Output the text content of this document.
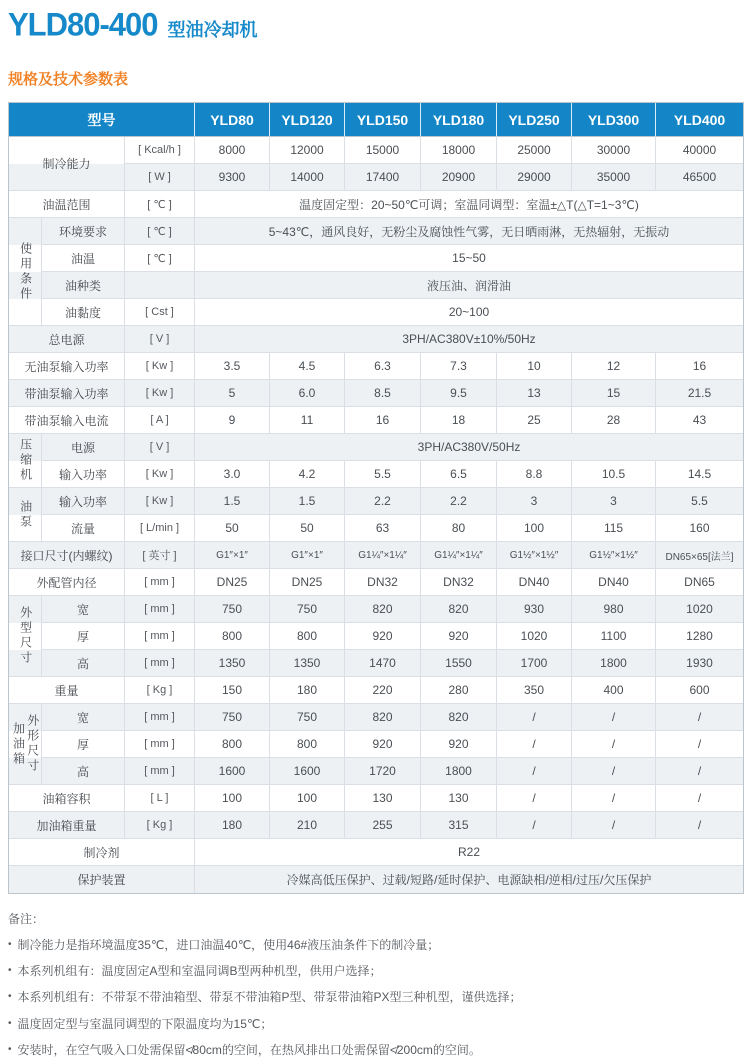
YLD80-400 型油冷却机
规格及技术参数表
型号			YLD80	YLD120	YLD150	YLD180	YLD250	YLD300	YLD400
制冷能力		[ Kcal/h ]	8000	12000	15000	18000	25000	30000	40000
		[ W ]	9300	14000	17400	20900	29000	35000	46500
油温范围		[ ℃ ]	温度固定型：20~50℃可调；室温同调型：室温±△T(△T=1~3℃)						

使用条件	环境要求	[ ℃ ]	5~43℃，通风良好，无粉尘及腐蚀性气雾，无日晒雨淋，无热辐射，无振动						
	油温	[ ℃ ]	15~50						
	油种类		液压油、润滑油						
	油黏度	[ Cst ]	20~100						
总电源		[ V ]	3PH/AC380V±10%/50Hz						
无油泵输入功率		[ Kw ]	3.5	4.5	6.3	7.3	10	12	16
带油泵输入功率		[ Kw ]	5	6.0	8.5	9.5	13	15	21.5
带油泵输入电流		[ A ]	9	11	16	18	25	28	43

压缩机	电源	[ V ]	3PH/AC380V/50Hz						
	输入功率	[ Kw ]	3.0	4.2	5.5	6.5	8.8	10.5	14.5

油泵	输入功率	[ Kw ]	1.5	1.5	2.2	2.2	3	3	5.5
	流量	[ L/min ]	50	50	63	80	100	115	160
接口尺寸(内螺纹)		[ 英寸 ]	G1″×1″	G1″×1″	G1¼″×1¼″	G1¼″×1¼″	G1½″×1½″	G1½″×1½″	DN65×65[法兰]
外配管内径		[ mm ]	DN25	DN25	DN32	DN32	DN40	DN40	DN65

外型尺寸	宽	[ mm ]	750	750	820	820	930	980	1020
	厚	[ mm ]	800	800	920	920	1020	1100	1280
	高	[ mm ]	1350	1350	1470	1550	1700	1800	1930
重量		[ Kg ]	150	180	220	280	350	400	600

加油箱 外形尺寸	宽	[ mm ]	750	750	820	820	/	/	/
	厚	[ mm ]	800	800	920	920	/	/	/
	高	[ mm ]	1600	1600	1720	1800	/	/	/
油箱容积		[ L ]	100	100	130	130	/	/	/
加油箱重量		[ Kg ]	180	210	255	315	/	/	/
制冷剂			R22						
保护装置			冷媒高低压保护、过载/短路/延时保护、电源缺相/逆相/过压/欠压保护						
备注：
• 制冷能力是指环境温度35℃，进口油温40℃，使用46#液压油条件下的制冷量；
• 本系列机组有：温度固定A型和室温同调B型两种机型，供用户选择；
• 本系列机组有：不带泵不带油箱型、带泵不带油箱P型、带泵带油箱PX型三种机型，谨供选择；
• 温度固定型与室温同调型的下限温度均为15℃；
• 安装时，在空气吸入口处需保留≮80cm的空间，在热风排出口处需保留≮200cm的空间。
